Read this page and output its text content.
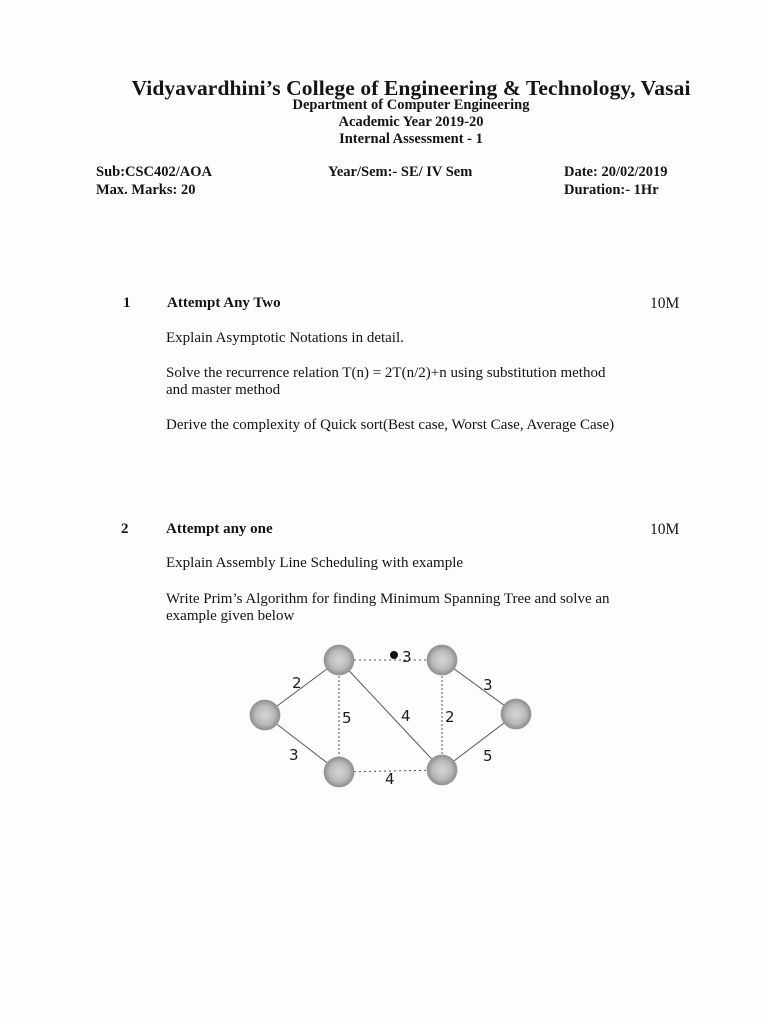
Vidyavardhini’s College of Engineering & Technology, Vasai
Department of Computer Engineering
Academic Year 2019-20
Internal Assessment - 1
Sub:CSC402/AOA
Max. Marks: 20
Year/Sem:- SE/ IV Sem	Date: 20/02/2019
Duration:- 1Hr
1 Attempt Any Two	10M
Explain Asymptotic Notations in detail.
Solve the recurrence relation T(n) = 2T(n/2)+n using substitution method and master method
Derive the complexity of Quick sort(Best case, Worst Case, Average Case)
2	Attempt any one	10M
Explain Assembly Line Scheduling with example
Write Prim’s Algorithm for finding Minimum Spanning Tree and solve an example given below
2
3
5	4
3
2
3
4
5
